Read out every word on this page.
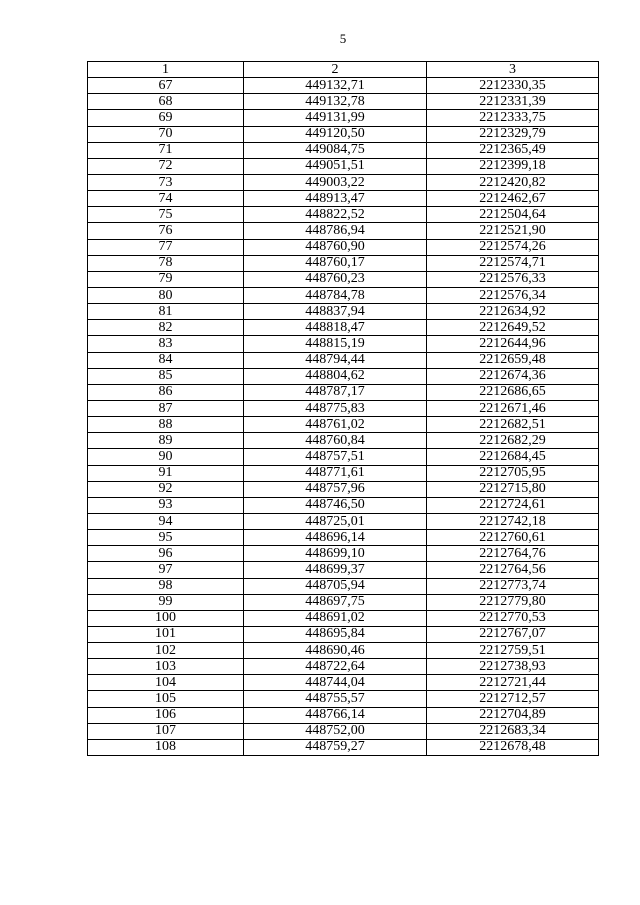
5
1	2	3
67	449132,71	2212330,35
68	449132,78	2212331,39
69	449131,99	2212333,75
70	449120,50	2212329,79
71	449084,75	2212365,49
72	449051,51	2212399,18
73	449003,22	2212420,82
74	448913,47	2212462,67
75	448822,52	2212504,64
76	448786,94	2212521,90
77	448760,90	2212574,26
78	448760,17	2212574,71
79	448760,23	2212576,33
80	448784,78	2212576,34
81	448837,94	2212634,92
82	448818,47	2212649,52
83	448815,19	2212644,96
84	448794,44	2212659,48
85	448804,62	2212674,36
86	448787,17	2212686,65
87	448775,83	2212671,46
88	448761,02	2212682,51
89	448760,84	2212682,29
90	448757,51	2212684,45
91	448771,61	2212705,95
92	448757,96	2212715,80
93	448746,50	2212724,61
94	448725,01	2212742,18
95	448696,14	2212760,61
96	448699,10	2212764,76
97	448699,37	2212764,56
98	448705,94	2212773,74
99	448697,75	2212779,80
100	448691,02	2212770,53
101	448695,84	2212767,07
102	448690,46	2212759,51
103	448722,64	2212738,93
104	448744,04	2212721,44
105	448755,57	2212712,57
106	448766,14	2212704,89
107	448752,00	2212683,34
108	448759,27	2212678,48
